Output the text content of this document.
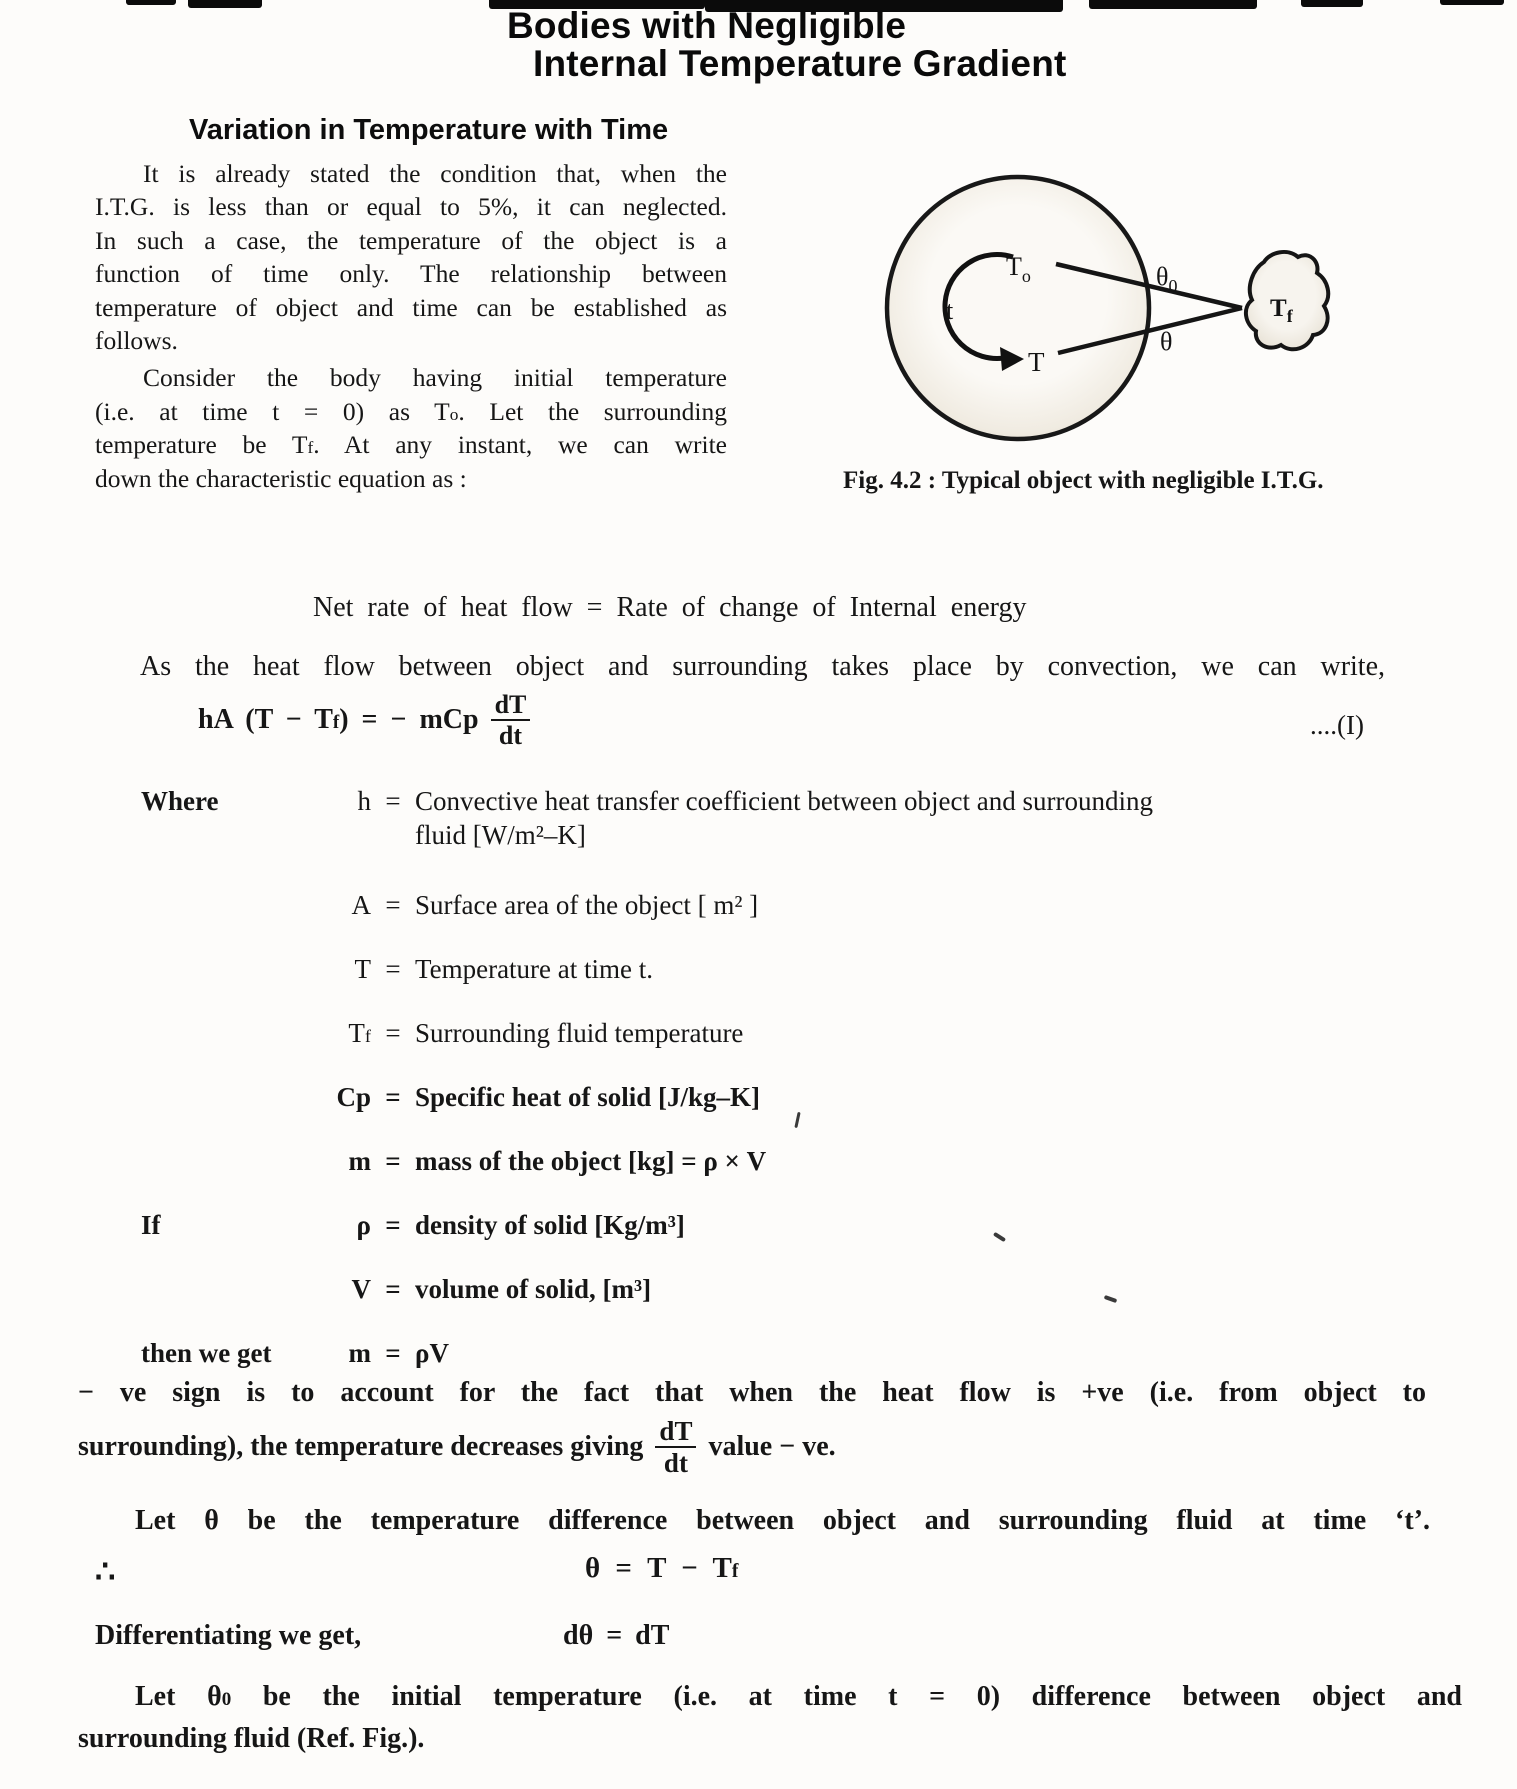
Bodies with Negligible
Internal Temperature Gradient
Variation in Temperature with Time
It is already stated the condition that, when the
I.T.G. is less than or equal to 5%, it can neglected.
In such a case, the temperature of the object is a
function of time only. The relationship between
temperature of object and time can be established as
follows.
Consider the body having initial temperature
(i.e. at time t = 0) as $T_o$. Let the surrounding
temperature be $T_f$. At any instant, we can write
down the characteristic equation as :
$T_o$
t
T
$\theta_0$
θ
$T_f$
Fig. 4.2 : Typical object with negligible I.T.G.
Net rate of heat flow = Rate of change of Internal energy
As the heat flow between object and surrounding takes place by convection, we can write,
hA $(T - T_f)$ = − mCp $\frac{dT}{dt}$	....(I)
Where	h = Convective heat transfer coefficient between object and surrounding fluid [W/m²–K]
A = Surface area of the object [ m² ]
T = Temperature at time t.
$T_f$ = Surrounding fluid temperature
Cp = Specific heat of solid [J/kg–K]
m = mass of the object [kg] = ρ × V
If	ρ = density of solid [Kg/m³]
V = volume of solid, [m³]
then we get	m = ρV
− ve sign is to account for the fact that when the heat flow is +ve (i.e. from object to
surrounding), the temperature decreases giving $\frac{dT}{dt}$ value − ve.
Let θ be the temperature difference between object and surrounding fluid at time ‘t’.
∴	$\theta = T - T_f$
Differentiating we get,	dθ = dT
Let $\theta_0$ be the initial temperature (i.e. at time t = 0) difference between object and
surrounding fluid (Ref. Fig.).
